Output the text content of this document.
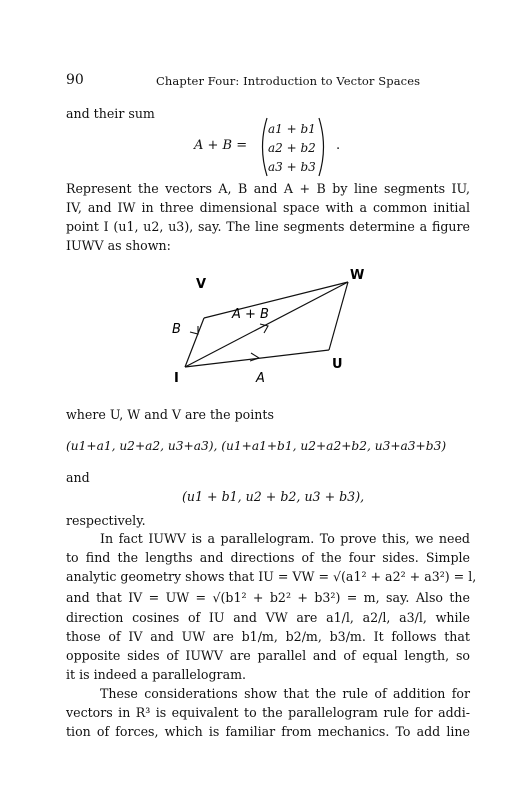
90	Chapter Four: Introduction to Vector Spaces
and their sum
A + B =
a1 + b1
a2 + b2
a3 + b3
.
Represent the vectors A, B and A + B by line segments IU,
IV, and IW in three dimensional space with a common initial
point I (u1, u2, u3), say. The line segments determine a figure
IUWV as shown:
V
W
U
I	A
B
A + B
where U, W and V are the points
(u1+a1, u2+a2, u3+a3), (u1+a1+b1, u2+a2+b2, u3+a3+b3)
and
(u1 + b1, u2 + b2, u3 + b3),
respectively.
In fact IUWV is a parallelogram. To prove this, we need
to find the lengths and directions of the four sides. Simple
analytic geometry shows that IU = VW = √(a1² + a2² + a3²) = l,
and that IV = UW = √(b1² + b2² + b3²) = m, say. Also the
direction cosines of IU and VW are a1/l, a2/l, a3/l, while
those of IV and UW are b1/m, b2/m, b3/m. It follows that
opposite sides of IUWV are parallel and of equal length, so
it is indeed a parallelogram.
These considerations show that the rule of addition for
vectors in R³ is equivalent to the parallelogram rule for addi-
tion of forces, which is familiar from mechanics. To add line
